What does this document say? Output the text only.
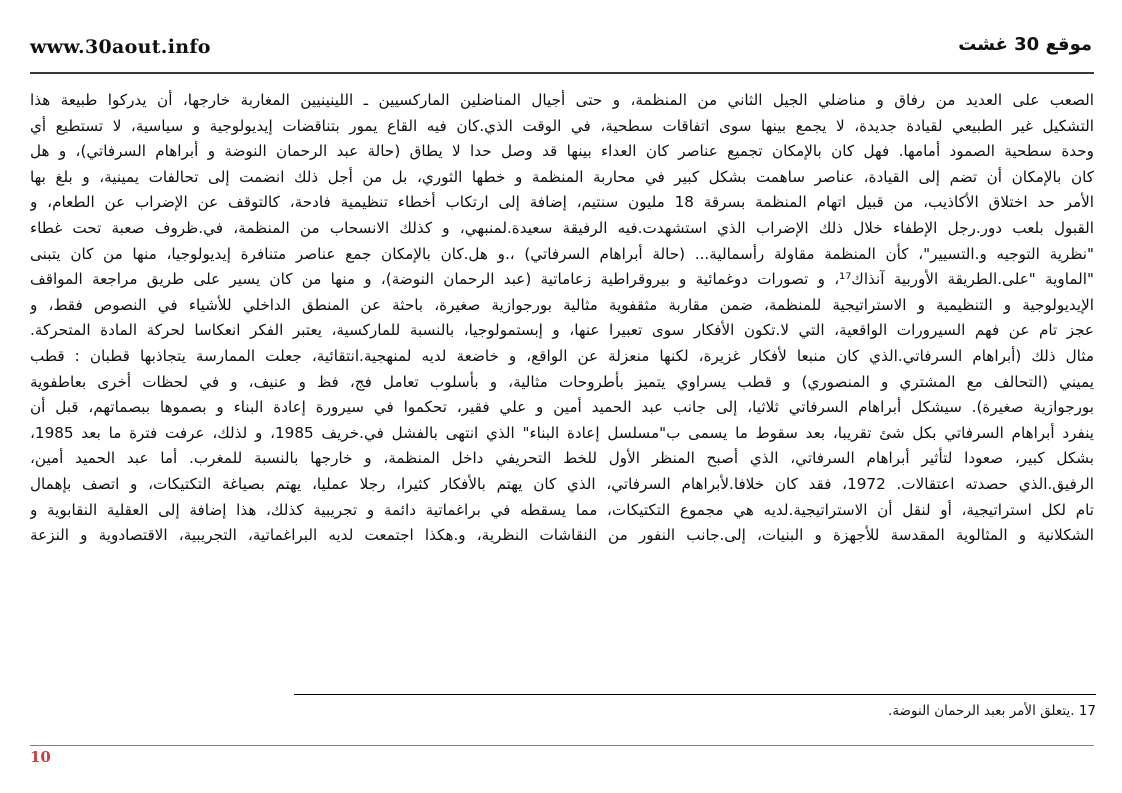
www.30aout.info	موقع 30 غشت
الصعب على العديد من رفاق و مناضلي الجيل الثاني من المنظمة، و حتى أجيال المناضلين الماركسيين ـ اللينينيين المغاربة خارجها، أن يدركوا طبيعة هذا
التشكيل غير الطبيعي لقيادة جديدة، لا يجمع بينها سوى اتفاقات سطحية، في الوقت الذي.كان فيه القاع يمور بتناقضات إيديولوجية و سياسية، لا تستطيع أي
وحدة سطحية الصمود أمامها. فهل كان بالإمكان تجميع عناصر كان العداء بينها قد وصل حدا لا يطاق (حالة عبد الرحمان النوضة و أبراهام السرفاتي)، و هل
كان بالإمكان أن تضم إلى القيادة، عناصر ساهمت بشكل كبير في محاربة المنظمة و خطها الثوري، بل من أجل ذلك انضمت إلى تحالفات يمينية، و بلغ بها
الأمر حد اختلاق الأكاذيب، من قبيل اتهام المنظمة بسرقة 18 مليون سنتيم، إضافة إلى ارتكاب أخطاء تنظيمية فادحة، كالتوقف عن الإضراب عن الطعام، و
القبول بلعب دور.رجل الإطفاء خلال ذلك الإضراب الذي استشهدت.فيه الرفيقة سعيدة.لمنبهي، و كذلك الانسحاب من المنظمة، في.ظروف صعبة تحت غطاء
"نظرية التوجيه و.التسيير"، كأن المنظمة مقاولة رأسمالية... (حالة أبراهام السرفاتي) ،.و هل.كان بالإمكان جمع عناصر متنافرة إيديولوجيا، منها من كان يتبنى
"الماوية "على.الطريقة الأوربية آنذاك¹⁷، و تصورات دوغمائية و بيروقراطية زعاماتية (عبد الرحمان النوضة)، و منها من كان يسير على طريق مراجعة المواقف
الإيديولوجية و التنظيمية و الاستراتيجية للمنظمة، ضمن مقاربة مثقفوية مثالية بورجوازية صغيرة، باحثة عن المنطق الداخلي للأشياء في النصوص فقط، و
عجز تام عن فهم السيرورات الواقعية، التي لا.تكون الأفكار سوى تعبيرا عنها، و إبستمولوجيا، بالنسبة للماركسية، يعتبر الفكر انعكاسا لحركة المادة المتحركة.
مثال ذلك (أبراهام السرفاتي.الذي كان منبعا لأفكار غزيرة، لكنها منعزلة عن الواقع، و خاضعة لديه لمنهجية.انتقائية، جعلت الممارسة يتجاذبها قطبان : قطب
يميني (التحالف مع المشتري و المنصوري) و قطب يسراوي يتميز بأطروحات مثالية، و بأسلوب تعامل فج، فظ و عنيف، و في لحظات أخرى بعاطفوية
بورجوازية صغيرة). سيشكل أبراهام السرفاتي ثلاثيا، إلى جانب عبد الحميد أمين و علي فقير، تحكموا في سيرورة إعادة البناء و بصموها ببصماتهم، قبل أن
ينفرد أبراهام السرفاتي بكل شئ تقريبا، بعد سقوط ما يسمى ب"مسلسل إعادة البناء" الذي انتهى بالفشل في.خريف 1985، و لذلك، عرفت فترة ما بعد 1985،
بشكل كبير، صعودا لتأثير أبراهام السرفاتي، الذي أصبح المنظر الأول للخط التحريفي داخل المنظمة، و خارجها بالنسبة للمغرب. أما عبد الحميد أمين،
الرفيق.الذي حصدته اعتقالات. 1972، فقد كان خلافا.لأبراهام السرفاتي، الذي كان يهتم بالأفكار كثيرا، رجلا عمليا، يهتم بصياغة التكتيكات، و اتصف بإهمال
تام لكل استراتيجية، أو لنقل أن الاستراتيجية.لديه هي مجموع التكتيكات، مما يسقطه في براغماتية دائمة و تجريبية كذلك، هذا إضافة إلى العقلية النقابوية و
الشكلانية و المثالوية المقدسة للأجهزة و البنيات، إلى.جانب النفور من النقاشات النظرية، و.هكذا اجتمعت لديه البراغماتية، التجريبية، الاقتصادوية و النزعة
17 .يتعلق الأمر بعبد الرحمان النوضة.
10
